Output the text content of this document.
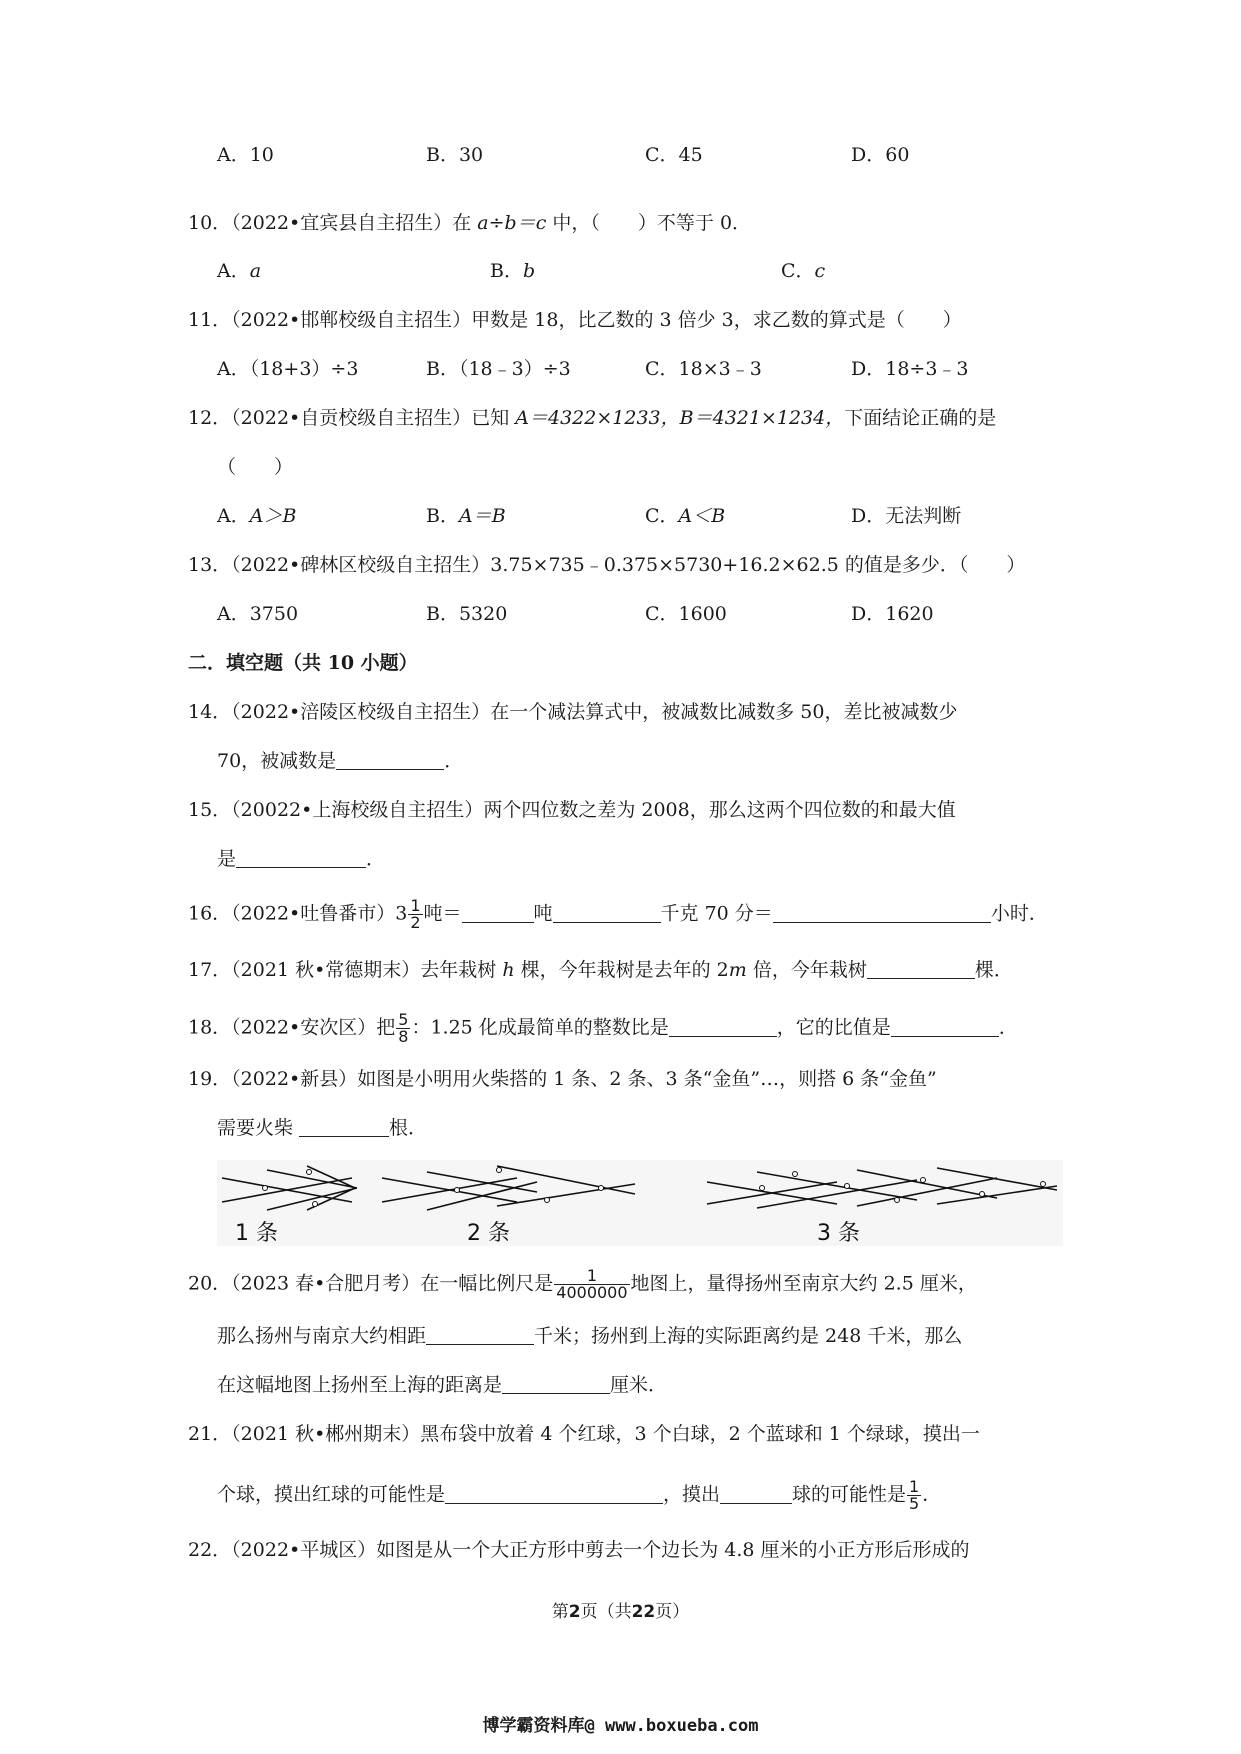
A．10	B．30	C．45	D．60
10．（2022•宜宾县自主招生）在 a÷b＝c 中，（　　）不等于 0．
A．a	B．b	C．c
11．（2022•邯郸校级自主招生）甲数是 18，比乙数的 3 倍少 3，求乙数的算式是（　　）
A．（18+3）÷3	B．（18﹣3）÷3	C．18×3﹣3	D．18÷3﹣3
12．（2022•自贡校级自主招生）已知 A＝4322×1233，B＝4321×1234，下面结论正确的是
（　　）
A．A＞B	B．A＝B	C．A＜B	D．无法判断
13．（2022•碑林区校级自主招生）3.75×735﹣0.375×5730+16.2×62.5 的值是多少．（　　）
A．3750	B．5320	C．1600	D．1620
二．填空题（共 10 小题）
14．（2022•涪陵区校级自主招生）在一个减法算式中，被减数比减数多 50，差比被减数少
70，被减数是	．
15．（20022•上海校级自主招生）两个四位数之差为 2008，那么这两个四位数的和最大值
是	．
16．（2022•吐鲁番市）$3 \frac{1}{2}$ 吨＝	吨	千克 70 分＝	小时．
17．（2021 秋•常德期末）去年栽树 h 棵，今年栽树是去年的 2m 倍，今年栽树	棵．
18．（2022•安次区）把 $\frac{5}{8}$ ：1.25 化成最简单的整数比是	，它的比值是	．
19．（2022•新县）如图是小明用火柴搭的 1 条、2 条、3 条“金鱼”…，则搭 6 条“金鱼”
需要火柴	根．
1 条	2 条	3 条
20．（2023 春•合肥月考）在一幅比例尺是 $\frac{1}{4000000}$ 地图上，量得扬州至南京大约 2.5 厘米，
那么扬州与南京大约相距	千米；扬州到上海的实际距离约是 248 千米，那么
在这幅地图上扬州至上海的距离是	厘米．
21．（2021 秋•郴州期末）黑布袋中放着 4 个红球，3 个白球，2 个蓝球和 1 个绿球，摸出一
个球，摸出红球的可能性是	，摸出	球的可能性是 $\frac{1}{5}$ ．
22．（2022•平城区）如图是从一个大正方形中剪去一个边长为 4.8 厘米的小正方形后形成的
第2页（共22页）
博学霸资料库@ www.boxueba.com
